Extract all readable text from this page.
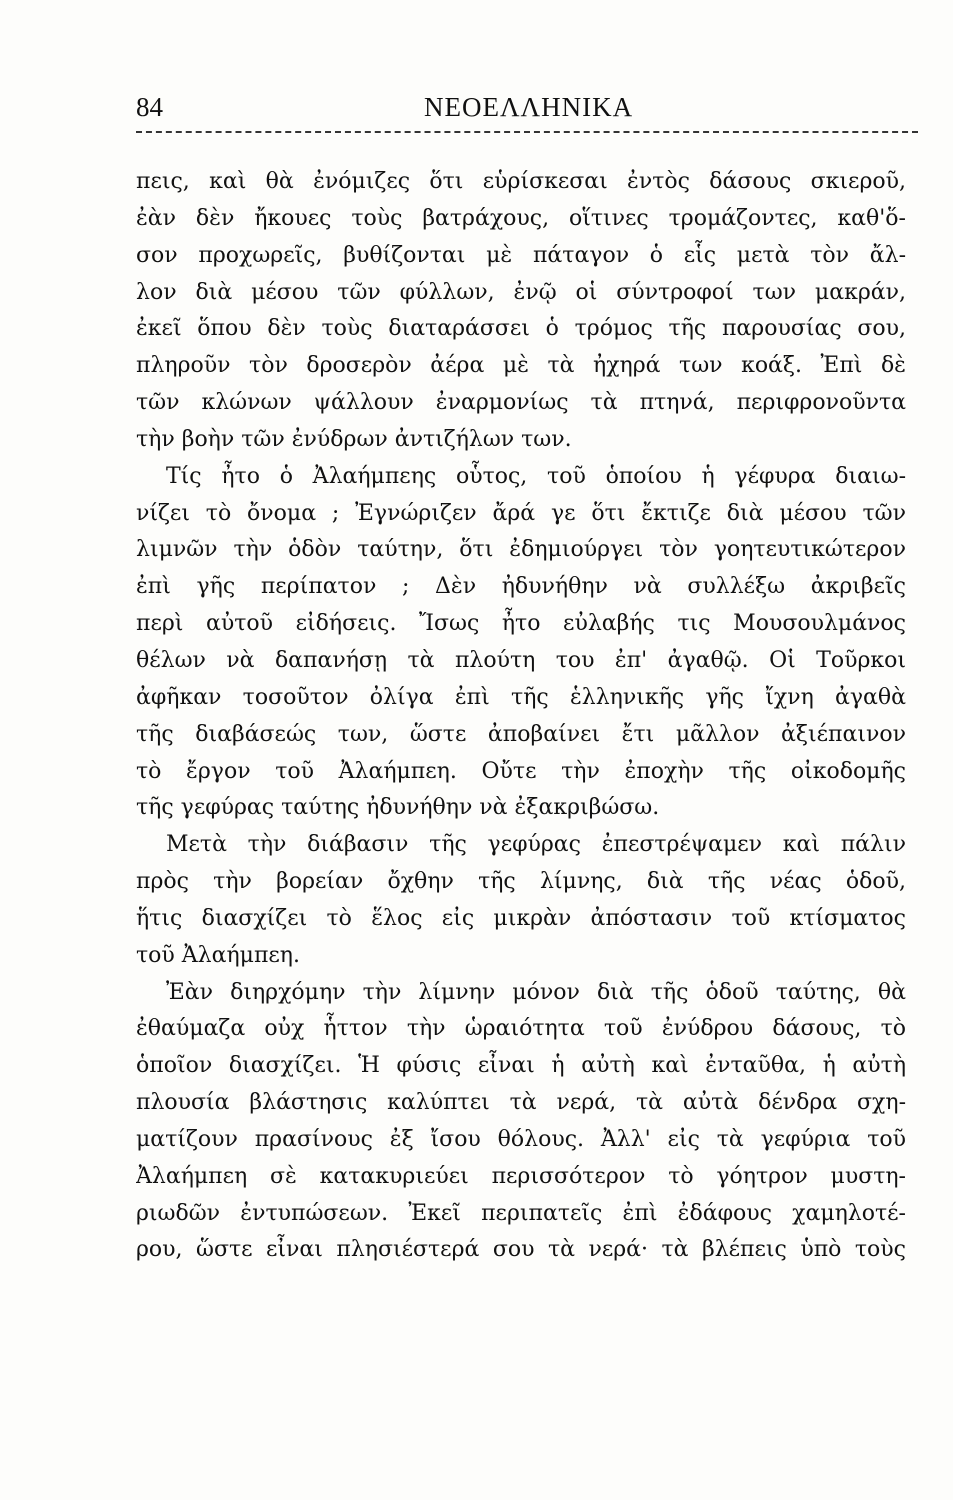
84	ΝΕΟΕΛΛΗΝΙΚΑ
πεις, καὶ θὰ ἐνόμιζες ὅτι εὑρίσκεσαι ἐντὸς δάσους σκιεροῦ,
ἐὰν δὲν ἤκουες τοὺς βατράχους, οἵτινες τρομάζοντες, καθ'ὅ-
σον προχωρεῖς, βυθίζονται μὲ πάταγον ὁ εἷς μετὰ τὸν ἄλ-
λον διὰ μέσου τῶν φύλλων, ἐνῷ οἱ σύντροφοί των μακράν,
ἐκεῖ ὅπου δὲν τοὺς διαταράσσει ὁ τρόμος τῆς παρουσίας σου,
πληροῦν τὸν δροσερὸν ἀέρα μὲ τὰ ἠχηρά των κοάξ. Ἐπὶ δὲ
τῶν κλώνων ψάλλουν ἐναρμονίως τὰ πτηνά, περιφρονοῦντα
τὴν βοὴν τῶν ἐνύδρων ἀντιζήλων των.
Τίς ἦτο ὁ Ἀλαήμπεης οὗτος, τοῦ ὁποίου ἡ γέφυρα διαιω-
νίζει τὸ ὄνομα ; Ἐγνώριζεν ἄρά γε ὅτι ἔκτιζε διὰ μέσου τῶν
λιμνῶν τὴν ὁδὸν ταύτην, ὅτι ἐδημιούργει τὸν γοητευτικώτερον
ἐπὶ γῆς περίπατον ; Δὲν ἠδυνήθην νὰ συλλέξω ἀκριβεῖς
περὶ αὐτοῦ εἰδήσεις. Ἴσως ἦτο εὐλαβής τις Μουσουλμάνος
θέλων νὰ δαπανήσῃ τὰ πλούτη του ἐπ' ἀγαθῷ. Οἱ Τοῦρκοι
ἀφῆκαν τοσοῦτον ὀλίγα ἐπὶ τῆς ἑλληνικῆς γῆς ἴχνη ἀγαθὰ
τῆς διαβάσεώς των, ὥστε ἀποβαίνει ἔτι μᾶλλον ἀξιέπαινον
τὸ ἔργον τοῦ Ἀλαήμπεη. Οὔτε τὴν ἐποχὴν τῆς οἰκοδομῆς
τῆς γεφύρας ταύτης ἠδυνήθην νὰ ἐξακριβώσω.
Μετὰ τὴν διάβασιν τῆς γεφύρας ἐπεστρέψαμεν καὶ πάλιν
πρὸς τὴν βορείαν ὄχθην τῆς λίμνης, διὰ τῆς νέας ὁδοῦ,
ἥτις διασχίζει τὸ ἕλος εἰς μικρὰν ἀπόστασιν τοῦ κτίσματος
τοῦ Ἀλαήμπεη.
Ἐὰν διηρχόμην τὴν λίμνην μόνον διὰ τῆς ὁδοῦ ταύτης, θὰ
ἐθαύμαζα οὐχ ἧττον τὴν ὡραιότητα τοῦ ἐνύδρου δάσους, τὸ
ὁποῖον διασχίζει. Ἡ φύσις εἶναι ἡ αὐτὴ καὶ ἐνταῦθα, ἡ αὐτὴ
πλουσία βλάστησις καλύπτει τὰ νερά, τὰ αὐτὰ δένδρα σχη-
ματίζουν πρασίνους ἐξ ἴσου θόλους. Ἀλλ' εἰς τὰ γεφύρια τοῦ
Ἀλαήμπεη σὲ κατακυριεύει περισσότερον τὸ γόητρον μυστη-
ριωδῶν ἐντυπώσεων. Ἐκεῖ περιπατεῖς ἐπὶ ἐδάφους χαμηλοτέ-
ρου, ὥστε εἶναι πλησιέστερά σου τὰ νερά· τὰ βλέπεις ὑπὸ τοὺς
